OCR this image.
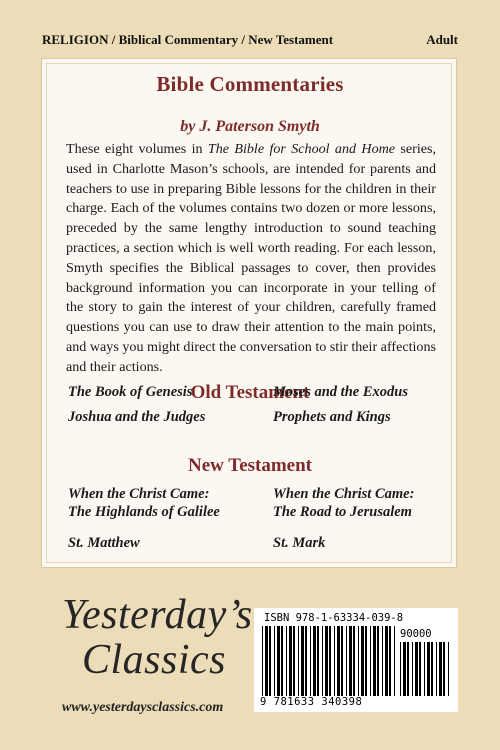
RELIGION / Biblical Commentary / New Testament	Adult
Bible Commentaries
by J. Paterson Smyth

These eight volumes in The Bible for School and Home series, used in Charlotte Mason’s schools, are intended for parents and teachers to use in preparing Bible lessons for the children in their charge. Each of the volumes contains two dozen or more lessons, preceded by the same lengthy introduction to sound teaching practices, a section which is well worth reading. For each lesson, Smyth specifies the Biblical passages to cover, then provides background information you can incorporate in your telling of the story to gain the interest of your children, carefully framed questions you can use to draw their attention to the main points, and ways you might direct the conversation to stir their affections and their actions.

Old Testament
The Book of Genesis	Moses and the Exodus
Joshua and the Judges	Prophets and Kings
New Testament
When the Christ Came:
The Highlands of Galilee
When the Christ Came:
The Road to Jerusalem
St. Matthew	St. Mark
Yesterday’s
Classics
www.yesterdaysclassics.com
ISBN 978-1-63334-039-8
90000
9 781633 340398
